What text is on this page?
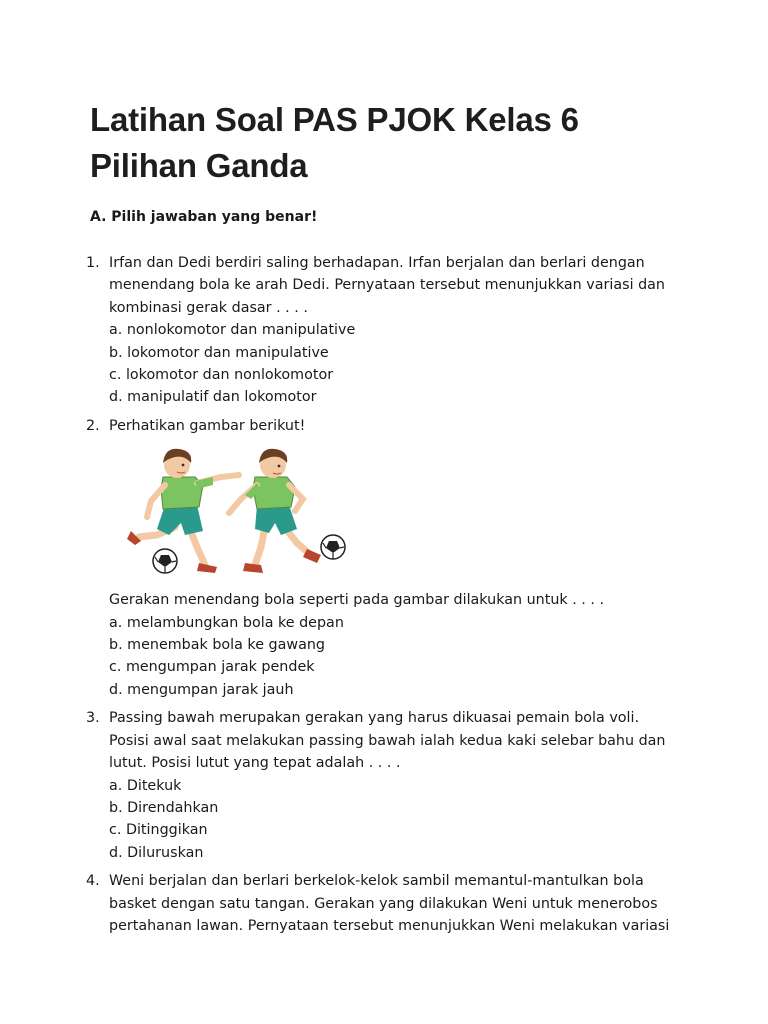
Latihan Soal PAS PJOK Kelas 6
Pilihan Ganda

A. Pilih jawaban yang benar!

1. Irfan dan Dedi berdiri saling berhadapan. Irfan berjalan dan berlari dengan

menendang bola ke arah Dedi. Pernyataan tersebut menunjukkan variasi dan

kombinasi gerak dasar . . . .

a. nonlokomotor dan manipulative

b. lokomotor dan manipulative

c. lokomotor dan nonlokomotor

d. manipulatif dan lokomotor

2. Perhatikan gambar berikut!

Gerakan menendang bola seperti pada gambar dilakukan untuk . . . .

a. melambungkan bola ke depan

b. menembak bola ke gawang

c. mengumpan jarak pendek

d. mengumpan jarak jauh

3. Passing bawah merupakan gerakan yang harus dikuasai pemain bola voli.

Posisi awal saat melakukan passing bawah ialah kedua kaki selebar bahu dan

lutut. Posisi lutut yang tepat adalah . . . .

a. Ditekuk

b. Direndahkan

c. Ditinggikan

d. Diluruskan

4. Weni berjalan dan berlari berkelok-kelok sambil memantul-mantulkan bola

basket dengan satu tangan. Gerakan yang dilakukan Weni untuk menerobos

pertahanan lawan. Pernyataan tersebut menunjukkan Weni melakukan variasi
